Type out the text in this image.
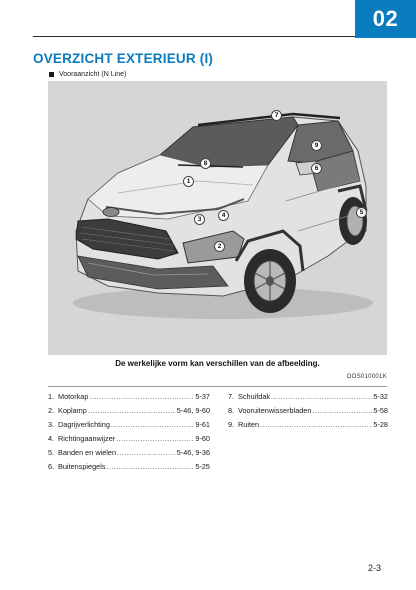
02
OVERZICHT EXTERIEUR (I)
Vooraanzicht (N Line)
1
2
3
4	5
6
7
8
9
De werkelijke vorm kan verschillen van de afbeelding.
OOS010001K
1. Motorkap .....	5-37
2. Koplamp .....	5-46, 9-60
3. Dagrijverlichting .....	9-61
4. Richtingaanwijzer .....	9-60
5. Banden en wielen .....	5-46, 9-36
6. Buitenspiegels .....	5-25
7. Schuifdak .....	5-32
8. Vooruitenwisserbladen .....	5-58
9. Ruiten .....	5-28
2-3
